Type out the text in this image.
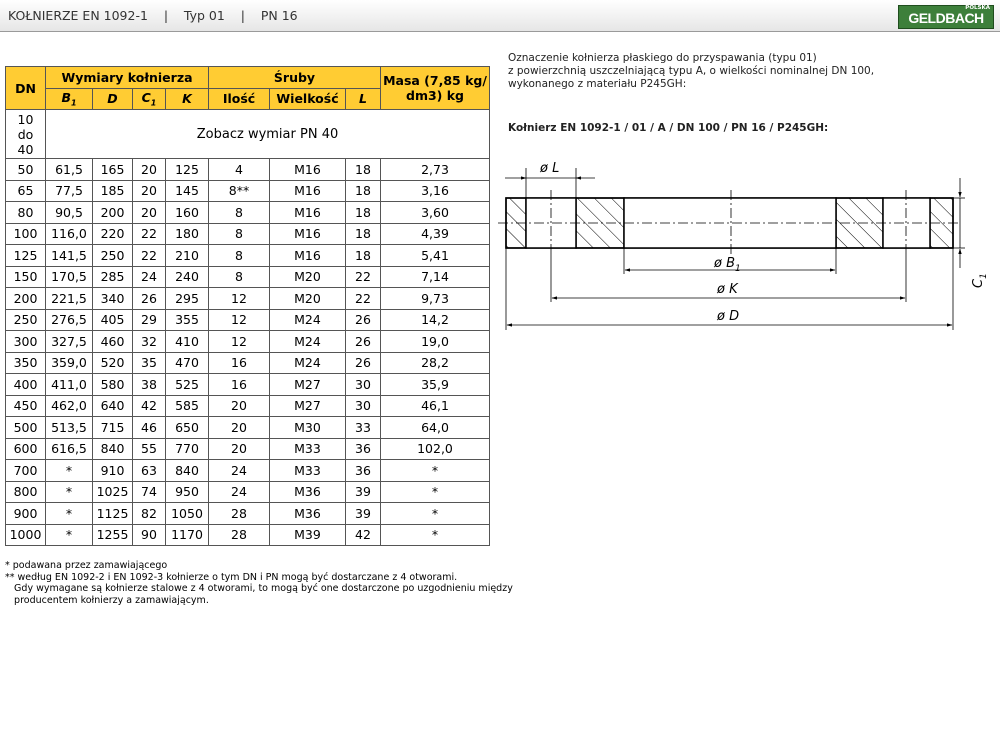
KOŁNIERZE EN 1092-1    |    Typ 01    |    PN 16	POLSKA
GELDBACH
DN	Wymiary kołnierza				Śruby			Masa (7,85 kg/
dm3) kg

	$B_1$	D	$C_1$	K	Ilość	Wielkość	L	

10
do
40	Zobacz wymiar PN 40							
50	61,5	165	20	125	4	M16	18	2,73
65	77,5	185	20	145	8**	M16	18	3,16
80	90,5	200	20	160	8	M16	18	3,60
100	116,0	220	22	180	8	M16	18	4,39
125	141,5	250	22	210	8	M16	18	5,41
150	170,5	285	24	240	8	M20	22	7,14
200	221,5	340	26	295	12	M20	22	9,73
250	276,5	405	29	355	12	M24	26	14,2
300	327,5	460	32	410	12	M24	26	19,0
350	359,0	520	35	470	16	M24	26	28,2
400	411,0	580	38	525	16	M27	30	35,9
450	462,0	640	42	585	20	M27	30	46,1
500	513,5	715	46	650	20	M30	33	64,0
600	616,5	840	55	770	20	M33	36	102,0
700	*	910	63	840	24	M33	36	*
800	*	1025	74	950	24	M36	39	*
900	*	1125	82	1050	28	M36	39	*
1000	*	1255	90	1170	28	M39	42	*
* podawana przez zamawiającego
** według EN 1092-2 i EN 1092-3 kołnierze o tym DN i PN mogą być dostarczane z 4 otworami.
Gdy wymagane są kołnierze stalowe z 4 otworami, to mogą być one dostarczone po uzgodnieniu między
producentem kołnierzy a zamawiającym.
Oznaczenie kołnierza płaskiego do przyspawania (typu 01)
z powierzchnią uszczelniającą typu A, o wielkości nominalnej DN 100,
wykonanego z materiału P245GH:
Kołnierz EN 1092-1 / 01 / A / DN 100 / PN 16 / P245GH:
ø L
ø $B_1$
ø K
ø D
$C_1$
